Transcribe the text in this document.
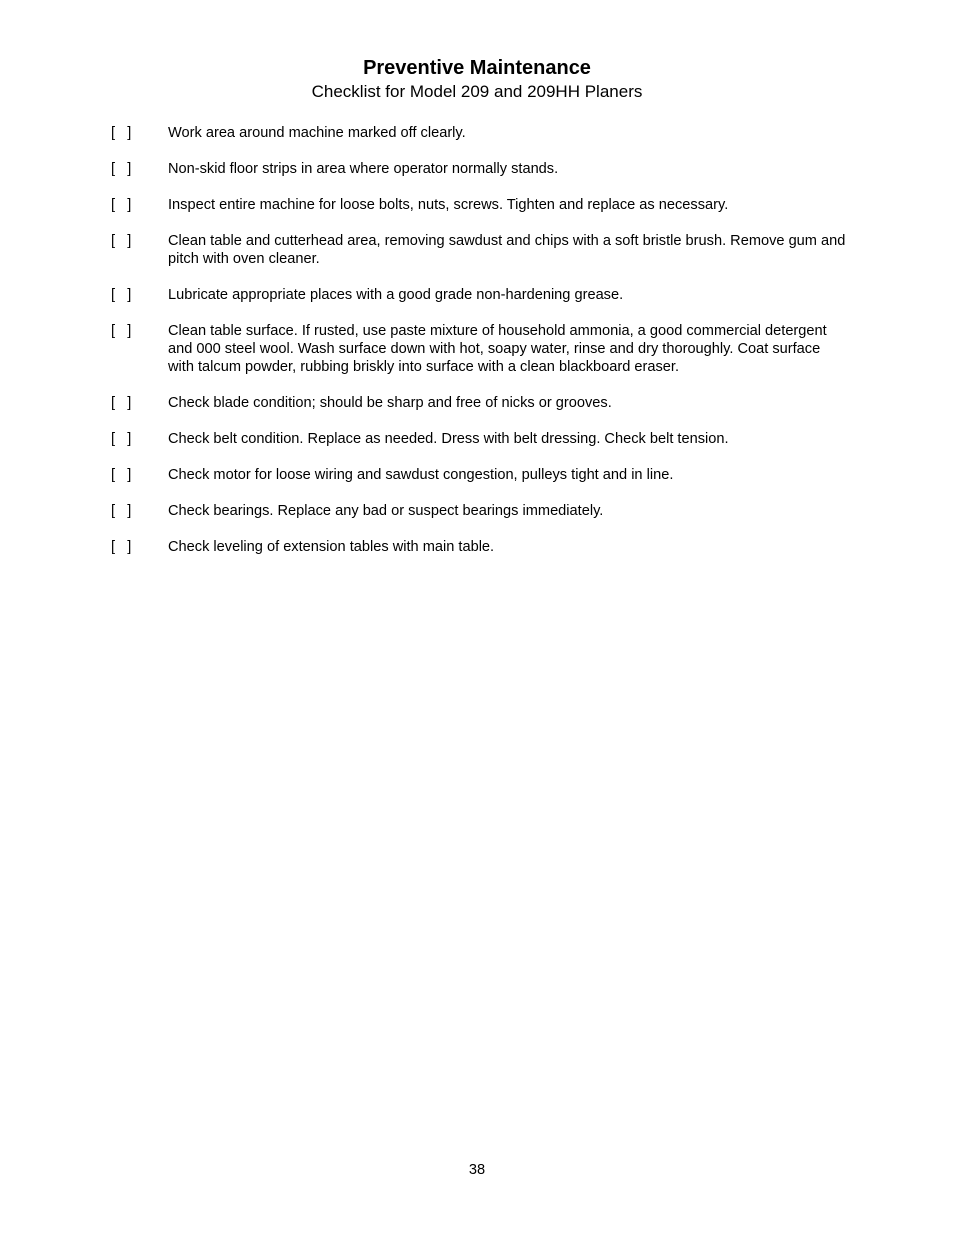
Preventive Maintenance
Checklist for Model 209 and 209HH Planers
[   ]	Work area around machine marked off clearly.
[   ]	Non-skid floor strips in area where operator normally stands.
[   ]	Inspect entire machine for loose bolts, nuts, screws. Tighten and replace as necessary.
[   ]	Clean table and cutterhead area, removing sawdust and chips with a soft bristle brush. Remove gum and pitch with oven cleaner.
[   ]	Lubricate appropriate places with a good grade non-hardening grease.
[   ]	Clean table surface. If rusted, use paste mixture of household ammonia, a good commercial detergent and 000 steel wool. Wash surface down with hot, soapy water, rinse and dry thoroughly. Coat surface with talcum powder, rubbing briskly into surface with a clean blackboard eraser.
[   ]	Check blade condition; should be sharp and free of nicks or grooves.
[   ]	Check belt condition. Replace as needed. Dress with belt dressing. Check belt tension.
[   ]	Check motor for loose wiring and sawdust congestion, pulleys tight and in line.
[   ]	Check bearings. Replace any bad or suspect bearings immediately.
[   ]	Check leveling of extension tables with main table.
38
